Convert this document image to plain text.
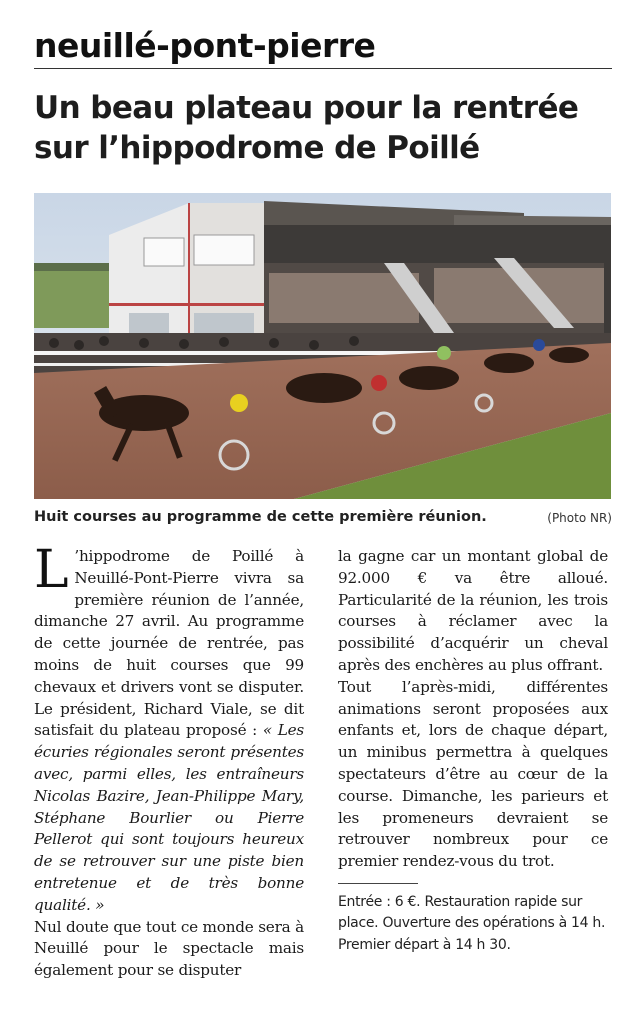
neuillé-pont-pierre
Un beau plateau pour la rentrée sur l’hippodrome de Poillé
Huit courses au programme de cette première réunion.	(Photo NR)

L ’hippodrome de Poillé à Neuillé-Pont-Pierre vivra sa première réunion de l’année, dimanche 27 avril. Au programme de cette journée de rentrée, pas moins de huit courses que 99 chevaux et drivers vont se disputer. Le président, Richard Viale, se dit satisfait du plateau proposé : « Les écuries régionales seront présentes avec, parmi elles, les entraîneurs Nicolas Bazire, Jean-Philippe Mary, Stéphane Bourlier ou Pierre Pellerot qui sont toujours heureux de se retrouver sur une piste bien entretenue et de très bonne qualité. »

Nul doute que tout ce monde sera à Neuillé pour le spectacle mais également pour se disputer

la gagne car un montant global de 92.000 € va être alloué. Particularité de la réunion, les trois courses à réclamer avec la possibilité d’acquérir un cheval après des enchères au plus offrant.

Tout l’après-midi, différentes animations seront proposées aux enfants et, lors de chaque départ, un minibus permettra à quelques spectateurs d’être au cœur de la course. Dimanche, les parieurs et les promeneurs devraient se retrouver nombreux pour ce premier rendez-vous du trot.

Entrée : 6 €. Restauration rapide sur place. Ouverture des opérations à 14 h. Premier départ à 14 h 30.
